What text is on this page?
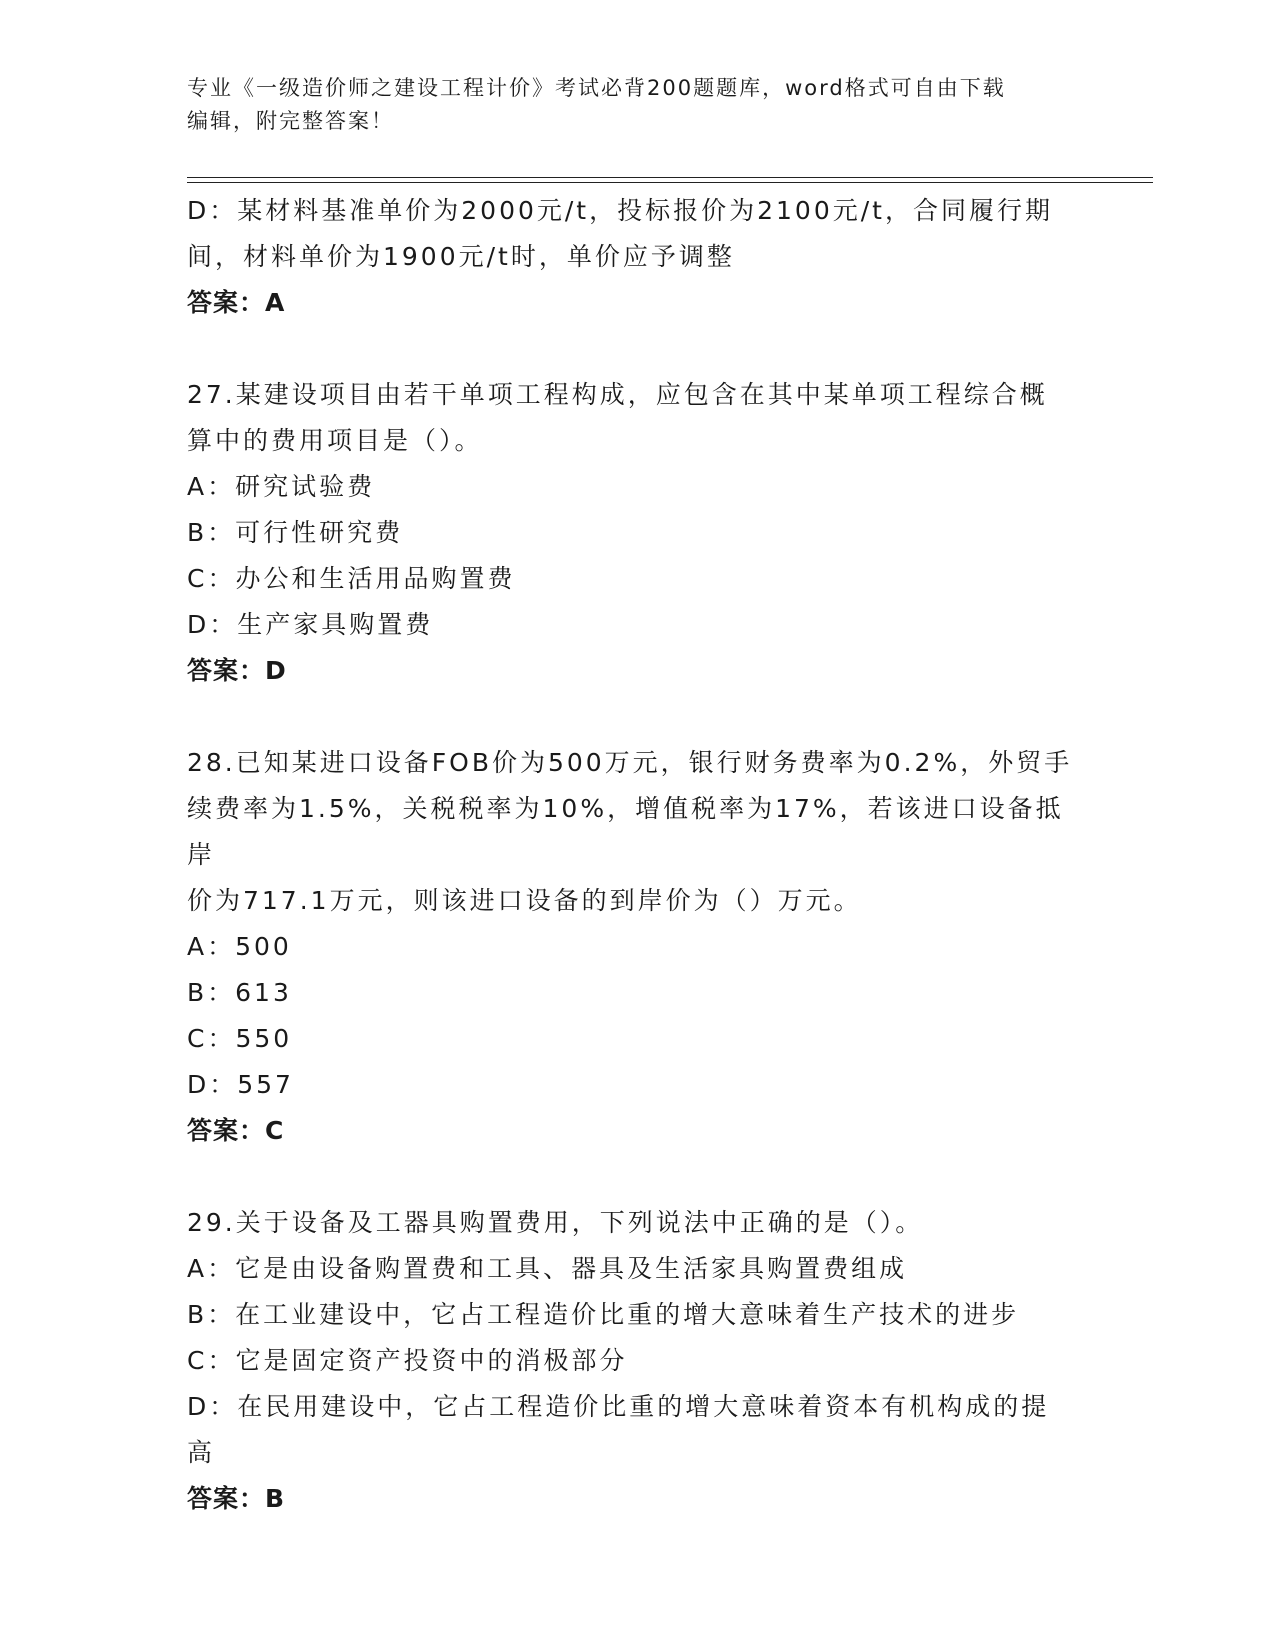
专业《一级造价师之建设工程计价》考试必背200题题库，word格式可自由下载
编辑，附完整答案！

D：某材料基准单价为2000元/t，投标报价为2100元/t，合同履行期

间，材料单价为1900元/t时，单价应予调整

答案：A

27.某建设项目由若干单项工程构成，应包含在其中某单项工程综合概

算中的费用项目是（）。

A：研究试验费

B：可行性研究费

C：办公和生活用品购置费

D：生产家具购置费

答案：D

28.已知某进口设备FOB价为500万元，银行财务费率为0.2%，外贸手

续费率为1.5%，关税税率为10%，增值税率为17%，若该进口设备抵岸

价为717.1万元，则该进口设备的到岸价为（）万元。

A：500

B：613

C：550

D：557

答案：C

29.关于设备及工器具购置费用，下列说法中正确的是（）。

A：它是由设备购置费和工具、器具及生活家具购置费组成

B：在工业建设中，它占工程造价比重的增大意味着生产技术的进步

C：它是固定资产投资中的消极部分

D：在民用建设中，它占工程造价比重的增大意味着资本有机构成的提

高

答案：B
